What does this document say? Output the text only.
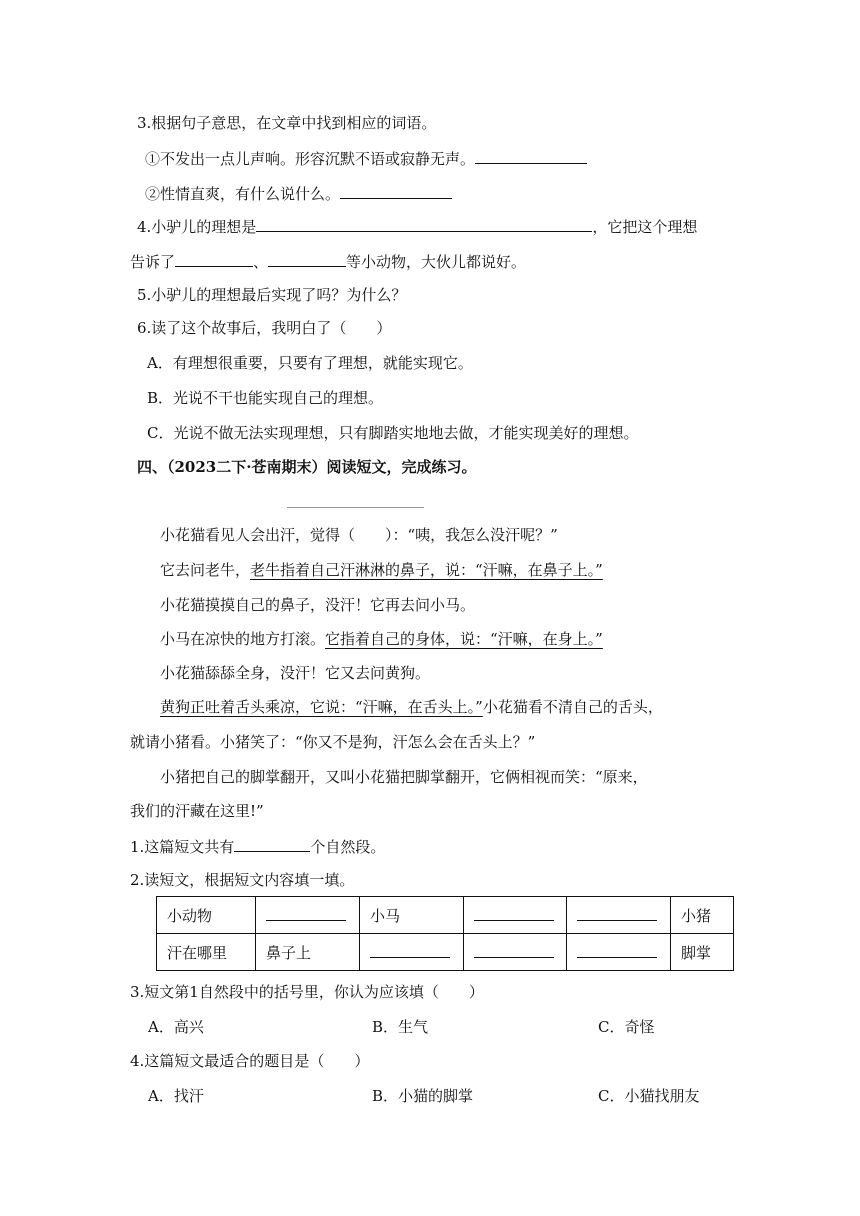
3.根据句子意思，在文章中找到相应的词语。
①不发出一点儿声响。形容沉默不语或寂静无声。
②性情直爽，有什么说什么。
4.小驴儿的理想是	，它把这个理想
告诉了	、	等小动物，大伙儿都说好。
5.小驴儿的理想最后实现了吗？为什么？
6.读了这个故事后，我明白了（　　）
A．有理想很重要，只要有了理想，就能实现它。
B．光说不干也能实现自己的理想。
C．光说不做无法实现理想，只有脚踏实地地去做，才能实现美好的理想。
四、（2023二下·苍南期末）阅读短文，完成练习。
小花猫看见人会出汗，觉得（　　）：“咦，我怎么没汗呢？”
它去问老牛，老牛指着自己汗淋淋的鼻子，说：“汗嘛，在鼻子上。”
小花猫摸摸自己的鼻子，没汗！它再去问小马。
小马在凉快的地方打滚。它指着自己的身体，说：“汗嘛，在身上。”
小花猫舔舔全身，没汗！它又去问黄狗。
黄狗正吐着舌头乘凉，它说：“汗嘛，在舌头上。”小花猫看不清自己的舌头，
就请小猪看。小猪笑了：“你又不是狗，汗怎么会在舌头上？”
小猪把自己的脚掌翻开，又叫小花猫把脚掌翻开，它俩相视而笑：“原来，
我们的汗藏在这里!”
1.这篇短文共有	个自然段。
2.读短文，根据短文内容填一填。
小动物		小马			小猪
汗在哪里	鼻子上				脚掌
3.短文第1自然段中的括号里，你认为应该填（　　）
A．高兴	B．生气	C．奇怪
4.这篇短文最适合的题目是（　　）
A．找汗	B．小猫的脚掌	C．小猫找朋友
